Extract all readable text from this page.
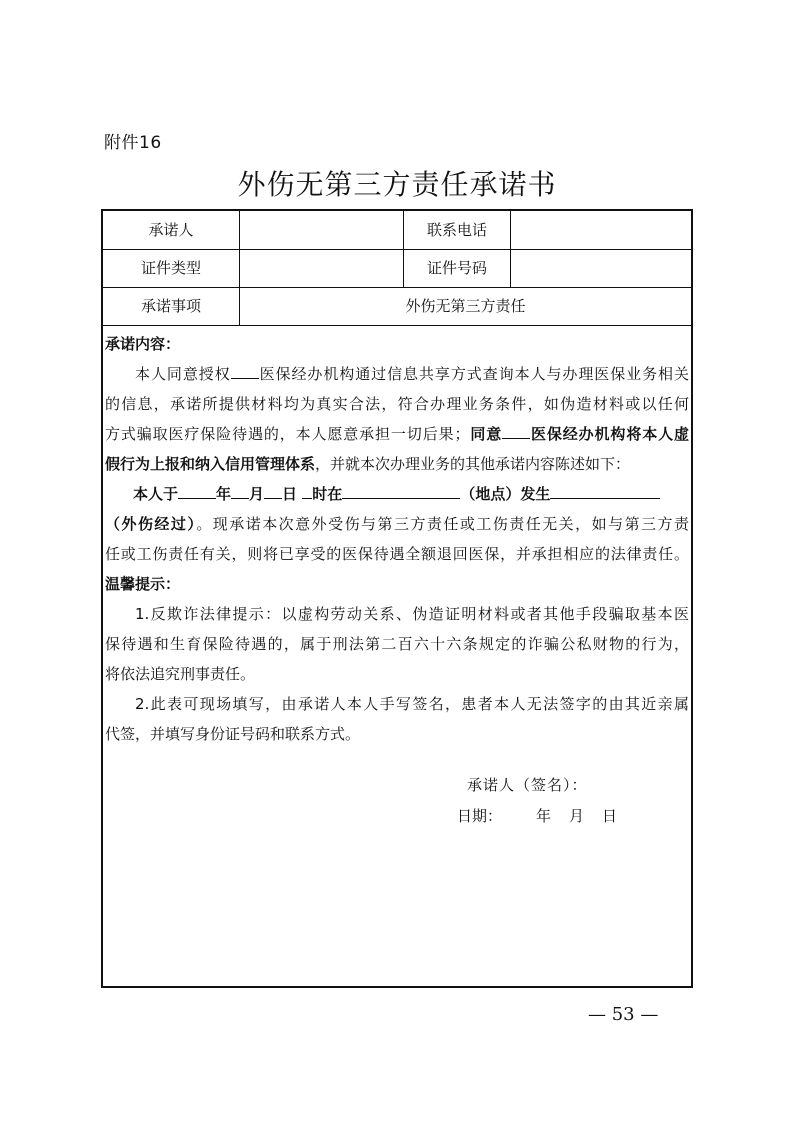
附件16
外伤无第三方责任承诺书
承诺人	联系电话
证件类型	证件号码
承诺事项	外伤无第三方责任
承诺内容：
本人同意授权 医保经办机构通过信息共享方式查询本人与办理医保业务相关
的信息，承诺所提供材料均为真实合法，符合办理业务条件，如伪造材料或以任何
方式骗取医疗保险待遇的，本人愿意承担一切后果；同意 医保经办机构将本人虚
假行为上报和纳入信用管理体系，并就本次办理业务的其他承诺内容陈述如下：
本人于	年 月 日 时在	（地点）发生
（外伤经过）。现承诺本次意外受伤与第三方责任或工伤责任无关，如与第三方责
任或工伤责任有关，则将已享受的医保待遇全额退回医保，并承担相应的法律责任。
温馨提示：
1.反欺诈法律提示：以虚构劳动关系、伪造证明材料或者其他手段骗取基本医
保待遇和生育保险待遇的，属于刑法第二百六十六条规定的诈骗公私财物的行为，
将依法追究刑事责任。
2.此表可现场填写，由承诺人本人手写签名，患者本人无法签字的由其近亲属
代签，并填写身份证号码和联系方式。
承诺人（签名）：
日期： 年 月 日
— 53 —
